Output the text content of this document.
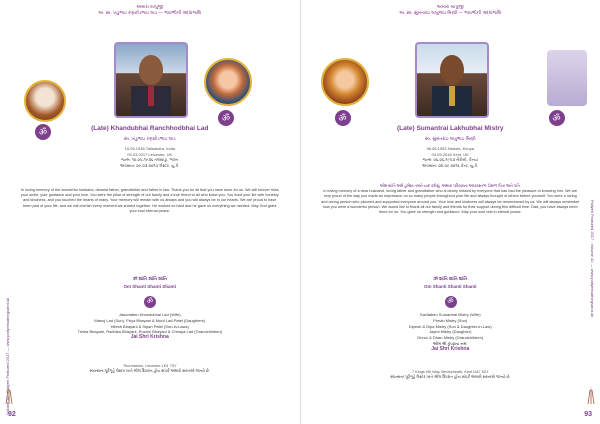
અમારા બાપુજી
અ. સ્વ. ખંડુભાઇ રણછોડભાઇ લાડ — ભાવભીની શ્રદ્ધાંજલિ
ॐ
ॐ
(Late) Khandubhai Ranchhodbhai Lad
સ્વ. ખંડુભાઇ રણછોડભાઇ લાડ
10.05.1936 Talisandra, India
09.03.2017 Leicester, UK
જન્મ: ૧૦-૦૫-૧૯૩૬ તલસાંડ્રા, ભારત
અવસાન: ૦૯-૦૩-૨૦૧૭ લેસ્ટર, યુ.કે.
In loving memory of the wonderful husband, dearest father, grandfather and father in law. Thank you for all that you have done for us. We will forever miss your smile, your guidance and your love. You were the pillar of strength of our family and a true friend to all who knew you. You lived your life with honesty and kindness, and you touched the hearts of many. Your memory will remain with us always and you will always be in our hearts. We are proud to have been part of your life, and we will cherish every moment we shared together. He worked so hard and he gave us everything we needed. May God grant your soul eternal peace.
ૐ શાંતિ શાંતિ શાંતિ
Om Shanti Shanti Shanti
ॐ
Jasodaben Khandubhai Lad (Wife)
Manoj Lad (Son), Priya Bhayani & Murti Lad-Patel (Daughters)
Hitesh Bhayani & Sipan Patel (Son-in-Laws)
Trisha Bhayani, Radhika Bhayani, Roshni Bhayani & Chhaya Lad (Grandchildren)
Jai Shri Krishna
Thurmaston, Leicester LE4 7SY
સ્વાન્સના પૂર્વગૃહે લેસ્ટર ખાતે શ્રીલ ઉપરાંત હોય સંપર્ક અમારો સરનામો લખ્યો છે.
Volume 42 : Paliyeh Featured 2017 — www.paliyehsathegsarot.uk
92
અમારા બાપુજી
અ. સ્વ. સુમંતરાઇ લખુભાઇ મિસ્ત્રી — ભાવભીની શ્રદ્ધાંજલિ
ॐ	ॐ
(Late) Sumantrai Lakhubhai Mistry
સ્વ. સુમંતરાઇ લખુભાઇ મિસ્ત્રી
06.06.1953 Nairobi, Kenya
04.09.2016 Kent, UK
જન્મ: ૦૬-૦૬-૧૯૫૩ નૈરોબી, કેન્યા
અવસાન: ૦૪-૦૯-૨૦૧૬ કેન્ટ, યુ.કે.
ઓમ શાંતિ અમે હંમેશા તમને યાદ કરીશું. અમારા પરિવારના આધારસ્તંભ, પ્રેમાળ પિતા અને પતિ.
In loving memory of a dear husband, loving father and grandfather who is dearly missed by everyone that has had the pleasure of knowing him. We are very proud of the way you made an impression on so many people throughout your life and always thought of others before yourself. You were a loving and caring person who planned and supported everyone around you. Your love and kindness will always be remembered by us. We will always remember how you were a wonderful person. We would like to thank all our family and friends for their support during this difficult time. Dad, you have always been there for us. You gave us strength and guidance. May your soul rest in eternal peace.
ૐ શાંતિ શાંતિ શાંતિ
Om Shanti Shanti Shanti
ॐ
Savitaben Sumantrai Mistry (Wife)
Pravin Mistry (Son)
Dipesh & Dipa Mistry (Son & Daughter-in-Law)
Jaymi Mistry (Daughter)
Dhruv & Dhan Mistry (Grandchildren)
ઓમ શ્રી કૃષ્ણાય નમઃ
Jai Shri Krishna
7 Kings Hill Way, Bexleyheath, Kent DA7 5ZZ
સ્વાન્સના પૂર્વગૃહે લેસ્ટર ખાતે શ્રીલ ઉપરાંત હોય સંપર્ક અમારો સરનામો લખ્યો છે.
Paliyeh Featured 2017 : Volume 42 — www.paliyehsathegsarot.uk
93
